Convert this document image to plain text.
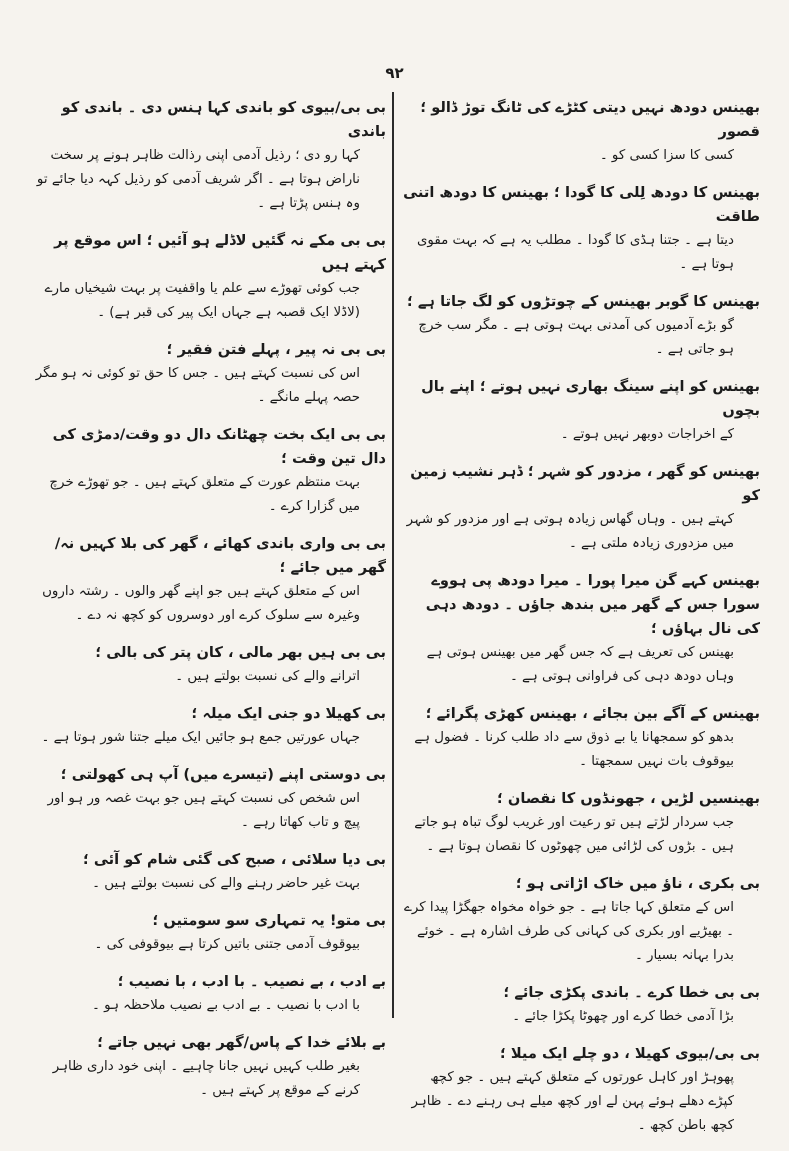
۹۲
بھینس دودھ نہیں دیتی کٹڑے کی ٹانگ توڑ ڈالو ؛ قصور
کسی کا سزا کسی کو ۔
بھینس کا دودھ لِلی کا گودا ؛ بھینس کا دودھ اتنی طاقت
دیتا ہے ۔ جتنا ہڈی کا گودا ۔ مطلب یہ ہے کہ بہت مقوی ہوتا ہے ۔
بھینس کا گوبر بھینس کے چوتڑوں کو لگ جاتا ہے ؛
گو بڑے آدمیوں کی آمدنی بہت ہوتی ہے ۔ مگر سب خرچ ہو جاتی ہے ۔
بھینس کو اپنے سینگ بھاری نہیں ہوتے ؛ اپنے بال بچوں
کے اخراجات دوبھر نہیں ہوتے ۔
بھینس کو گھر ، مزدور کو شہر ؛ ڈہر نشیب زمین کو
کہتے ہیں ۔ وہاں گھاس زیادہ ہوتی ہے اور مزدور کو شہر میں مزدوری زیادہ ملتی ہے ۔
بھینس کہے گن میرا پورا ۔ میرا دودھ پی ہووے سورا جس کے گھر میں بندھ جاؤں ۔ دودھ دہی کی نال بہاؤں ؛
بھینس کی تعریف ہے کہ جس گھر میں بھینس ہوتی ہے وہاں دودھ دہی کی فراوانی ہوتی ہے ۔
بھینس کے آگے بین بجائے ، بھینس کھڑی پگرائے ؛
بدھو کو سمجھانا یا بے ذوق سے داد طلب کرنا ۔ فضول ہے بیوقوف بات نہیں سمجھتا ۔
بھینسیں لڑیں ، جھونڈوں کا نقصان ؛
جب سردار لڑتے ہیں تو رعیت اور غریب لوگ تباہ ہو جاتے ہیں ۔ بڑوں کی لڑائی میں چھوٹوں کا نقصان ہوتا ہے ۔
بی بکری ، ناؤ میں خاک اڑاتی ہو ؛
اس کے متعلق کہا جاتا ہے ۔ جو خواہ مخواہ جھگڑا پیدا کرے ۔ بھیڑیے اور بکری کی کہانی کی طرف اشارہ ہے ۔ خوئے بدرا بہانہ بسیار ۔
بی بی خطا کرے ۔ باندی پکڑی جائے ؛
بڑا آدمی خطا کرے اور چھوٹا پکڑا جائے ۔
بی بی/بیوی کھیلا ، دو چلے ایک میلا ؛
پھوہڑ اور کاہل عورتوں کے متعلق کہتے ہیں ۔ جو کچھ کپڑے دھلے ہوئے پہن لے اور کچھ میلے ہی رہنے دے ۔ ظاہر کچھ باطن کچھ ۔
بی بی/بیوی کو باندی کہا ہنس دی ۔ باندی کو باندی
کہا رو دی ؛ رذیل آدمی اپنی رذالت ظاہر ہونے پر سخت ناراض ہوتا ہے ۔ اگر شریف آدمی کو رذیل کہہ دیا جائے تو وہ ہنس پڑتا ہے ۔
بی بی مکے نہ گئیں لاڈلے ہو آئیں ؛ اس موقع پر کہتے ہیں
جب کوئی تھوڑے سے علم یا واقفیت پر بہت شیخیاں مارے (لاڈلا ایک قصبہ ہے جہاں ایک پیر کی قبر ہے) ۔
بی بی نہ پیر ، پہلے فتن فقیر ؛
اس کی نسبت کہتے ہیں ۔ جس کا حق تو کوئی نہ ہو مگر حصہ پہلے مانگے ۔
بی بی ایک بخت چھٹانک دال دو وقت/دمڑی کی دال تین وقت ؛
بہت منتظم عورت کے متعلق کہتے ہیں ۔ جو تھوڑے خرچ میں گزارا کرے ۔
بی بی واری باندی کھائے ، گھر کی بلا کہیں نہ/گھر میں جائے ؛
اس کے متعلق کہتے ہیں جو اپنے گھر والوں ۔ رشتہ داروں وغیرہ سے سلوک کرے اور دوسروں کو کچھ نہ دے ۔
بی بی ہیں بھر مالی ، کان پتر کی بالی ؛
اترانے والے کی نسبت بولتے ہیں ۔
بی کھیلا دو جنی ایک میلہ ؛
جہاں عورتیں جمع ہو جائیں ایک میلے جتنا شور ہوتا ہے ۔
بی دوستی اپنے (تیسرے میں) آپ ہی کھولتی ؛
اس شخص کی نسبت کہتے ہیں جو بہت غصہ ور ہو اور پیچ و تاب کھاتا رہے ۔
بی دیا سلائی ، صبح کی گئی شام کو آئی ؛
بہت غیر حاضر رہنے والے کی نسبت بولتے ہیں ۔
بی متو! یہ تمہاری سو سومتیں ؛
بیوقوف آدمی جتنی باتیں کرتا ہے بیوقوفی کی ۔
بے ادب ، بے نصیب ۔ با ادب ، با نصیب ؛
با ادب با نصیب ۔ بے ادب بے نصیب ملاحظہ ہو ۔
بے بلائے خدا کے پاس/گھر بھی نہیں جاتے ؛
بغیر طلب کہیں نہیں جانا چاہیے ۔ اپنی خود داری ظاہر کرنے کے موقع پر کہتے ہیں ۔
